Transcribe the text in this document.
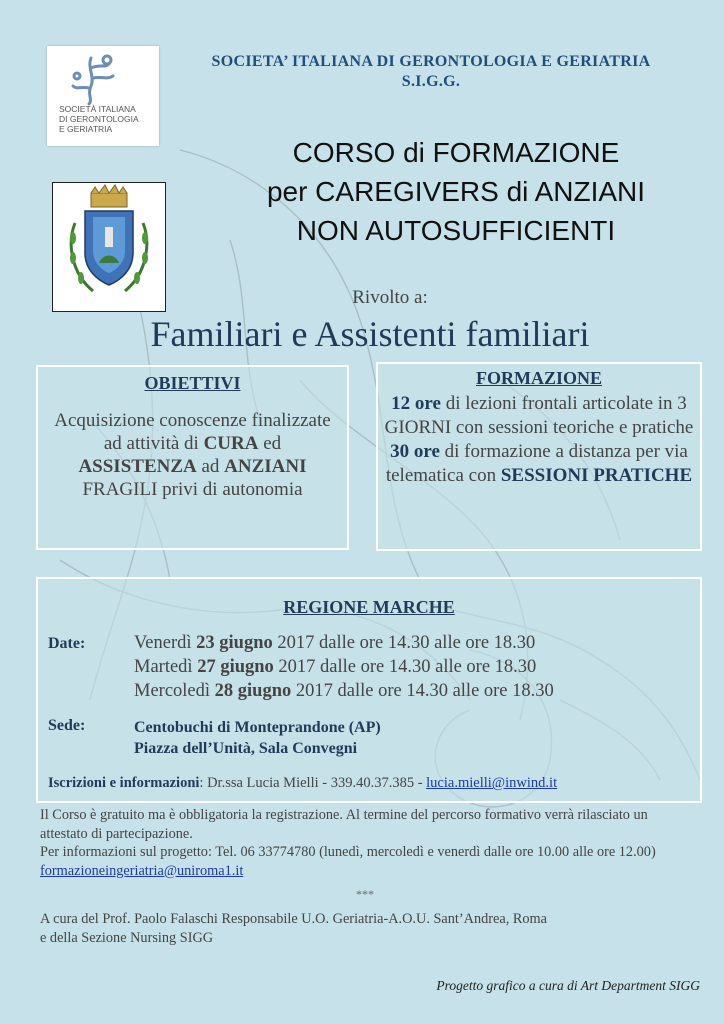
SOCIETÀ ITALIANA
DI GERONTOLOGIA
E GERIATRIA
SOCIETA’ ITALIANA DI GERONTOLOGIA E GERIATRIA
S.I.G.G.
CORSO di FORMAZIONE
per CAREGIVERS di ANZIANI
NON AUTOSUFFICIENTI
Rivolto a:
Familiari e Assistenti familiari
OBIETTIVI
Acquisizione conoscenze finalizzate ad attività di CURA ed ASSISTENZA ad ANZIANI FRAGILI privi di autonomia
FORMAZIONE
12 ore di lezioni frontali articolate in 3 GIORNI con sessioni teoriche e pratiche 30 ore di formazione a distanza per via telematica con SESSIONI PRATICHE
REGIONE MARCHE
Date:	Venerdì 23 giugno 2017 dalle ore 14.30 alle ore 18.30
Martedì 27 giugno 2017 dalle ore 14.30 alle ore 18.30
Mercoledì 28 giugno 2017 dalle ore 14.30 alle ore 18.30
Sede:	Centobuchi di Monteprandone (AP)
Piazza dell’Unità, Sala Convegni
Iscrizioni e informazioni: Dr.ssa Lucia Mielli - 339.40.37.385 - lucia.mielli@inwind.it
Il Corso è gratuito ma è obbligatoria la registrazione. Al termine del percorso formativo verrà rilasciato un attestato di partecipazione.
Per informazioni sul progetto: Tel. 06 33774780 (lunedì, mercoledì e venerdì dalle ore 10.00 alle ore 12.00) formazioneingeriatria@uniroma1.it
***
A cura del Prof. Paolo Falaschi Responsabile U.O. Geriatria-A.O.U. Sant’Andrea, Roma
e della Sezione Nursing SIGG
Progetto grafico a cura di Art Department SIGG
